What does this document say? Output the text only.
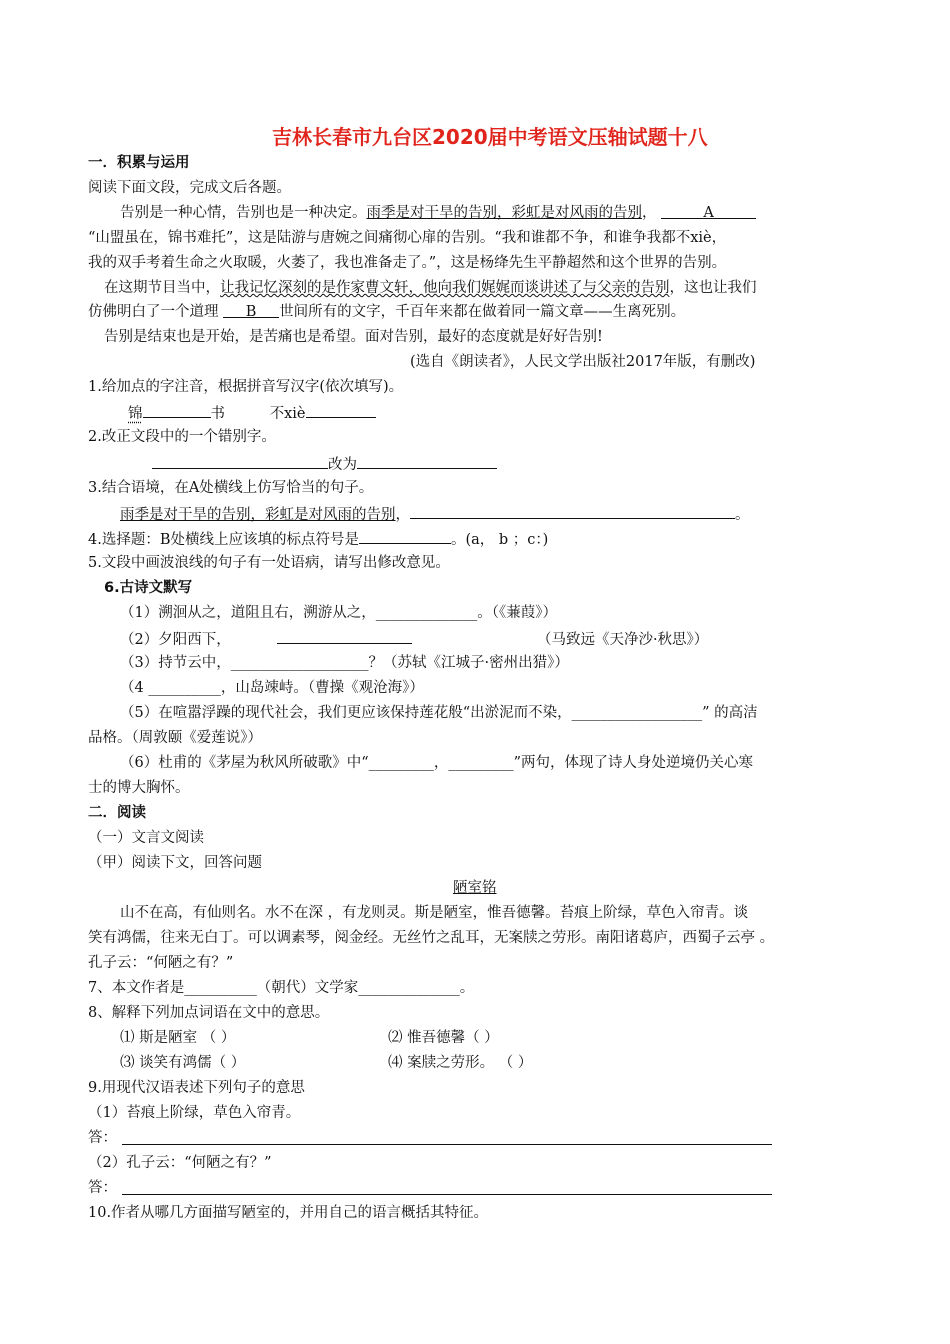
吉林长春市九台区2020届中考语文压轴试题十八
一．积累与运用
阅读下面文段，完成文后各题。
告别是一种心情，告别也是一种决定。雨季是对干旱的告别，彩虹是对风雨的告别，	A
“山盟虽在，锦书难托”，这是陆游与唐婉之间痛彻心扉的告别。“我和谁都不争，和谁争我都不xiè，
我的双手考着生命之火取暖，火萎了，我也准备走了。”，这是杨绛先生平静超然和这个世界的告别。
在这期节目当中，让我记忆深刻的是作家曹文轩，他向我们娓娓而谈讲述了与父亲的告别，这也让我们
仿佛明白了一个道理 B 世间所有的文字，千百年来都在做着同一篇文章——生离死别。
告别是结束也是开始，是苦痛也是希望。面对告别，最好的态度就是好好告别!
(选自《朗读者》，人民文学出版社2017年版，有删改)
1.给加点的字注音，根据拼音写汉字(依次填写)。
锦	书	不xiè
2.改正文段中的一个错别字。
改为
3.结合语境，在A处横线上仿写恰当的句子。
雨季是对干旱的告别，彩虹是对风雨的告别，	。
4.选择题：B处横线上应该填的标点符号是	。(a， b ；c：)
5.文段中画波浪线的句子有一处语病，请写出修改意见。
6.古诗文默写
（1）溯洄从之，道阻且右，溯游从之，______________。（《蒹葭》）
（2）夕阳西下，	（马致远《天净沙·秋思》）
（3）持节云中，___________________？（苏轼《江城子·密州出猎》）
（4 __________，山岛竦峙。（曹操《观沧海》）
（5）在喧嚣浮躁的现代社会，我们更应该保持莲花般“出淤泥而不染，__________________” 的高洁
品格。（周敦颐《爱莲说》）
（6）杜甫的《茅屋为秋风所破歌》中“_________，_________”两句，体现了诗人身处逆境仍关心寒
士的博大胸怀。
二．阅读
（一）文言文阅读
（甲）阅读下文，回答问题
陋室铭
山不在高，有仙则名。水不在深 ，有龙则灵。斯是陋室，惟吾德馨。苔痕上阶绿，草色入帘青。谈
笑有鸿儒，往来无白丁。可以调素琴，阅金经。无丝竹之乱耳，无案牍之劳形。南阳诸葛庐，西蜀子云亭 。
孔子云：“何陋之有？”
7、本文作者是__________（朝代）文学家______________。
8、解释下列加点词语在文中的意思。
⑴ 斯是陋室 （ ）	⑵ 惟吾德馨（ ）
⑶ 谈笑有鸿儒（ ）	⑷ 案牍之劳形。 （ ）
9.用现代汉语表述下列句子的意思
（1）苔痕上阶绿，草色入帘青。
答：
（2）孔子云：“何陋之有？”
答：
10.作者从哪几方面描写陋室的，并用自己的语言概括其特征。
